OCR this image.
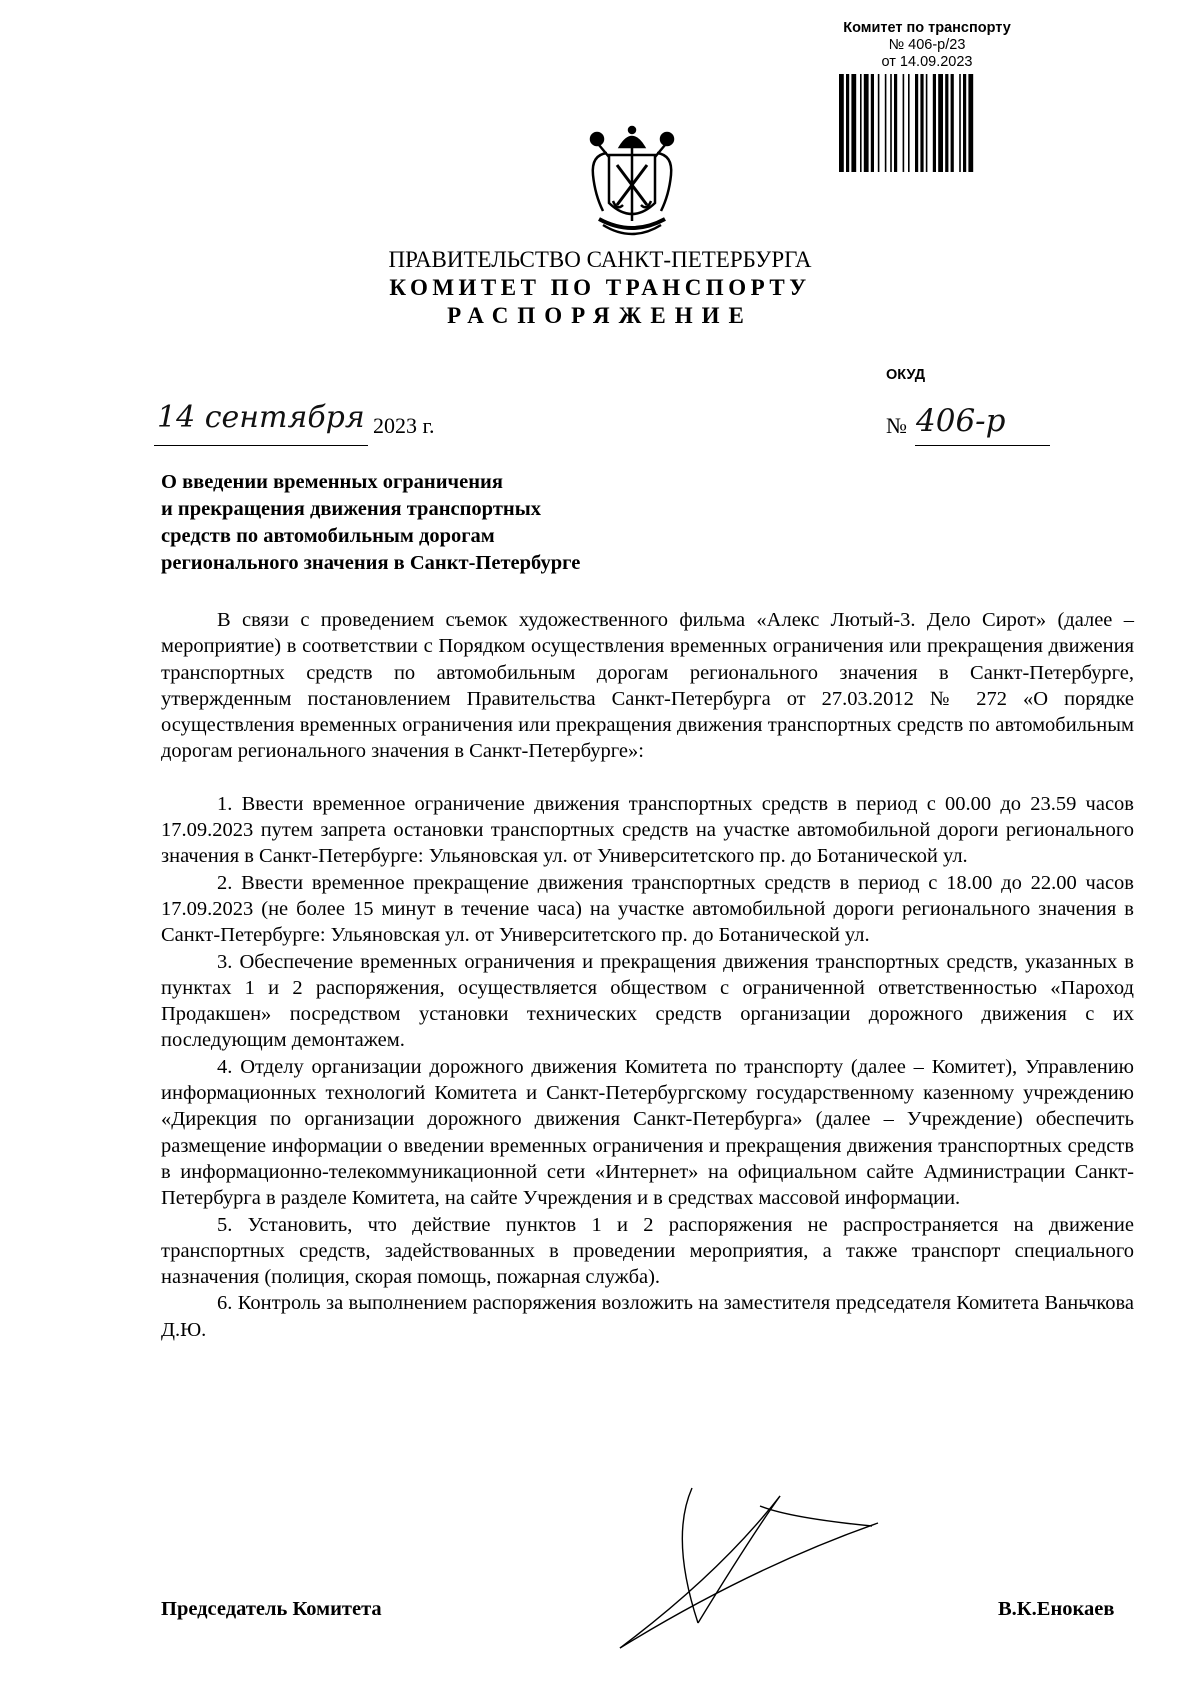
Комитет по транспорту
№ 406-р/23
от 14.09.2023
ПРАВИТЕЛЬСТВО САНКТ-ПЕТЕРБУРГА
КОМИТЕТ ПО ТРАНСПОРТУ
РАСПОРЯЖЕНИЕ
ОКУД
14 сентября 2023 г.	№ 406-р
О введении временных ограничения
и прекращения движения транспортных
средств по автомобильным дорогам
регионального значения в Санкт-Петербурге

В связи с проведением съемок художественного фильма «Алекс Лютый-3. Дело Сирот» (далее – мероприятие) в соответствии с Порядком осуществления временных ограничения или прекращения движения транспортных средств по автомобильным дорогам регионального значения в Санкт-Петербурге, утвержденным постановлением Правительства Санкт-Петербурга от 27.03.2012 № 272 «О порядке осуществления временных ограничения или прекращения движения транспортных средств по автомобильным дорогам регионального значения в Санкт-Петербурге»:

1. Ввести временное ограничение движения транспортных средств в период с 00.00 до 23.59 часов 17.09.2023 путем запрета остановки транспортных средств на участке автомобильной дороги регионального значения в Санкт-Петербурге: Ульяновская ул. от Университетского пр. до Ботанической ул.

2. Ввести временное прекращение движения транспортных средств в период с 18.00 до 22.00 часов 17.09.2023 (не более 15 минут в течение часа) на участке автомобильной дороги регионального значения в Санкт-Петербурге: Ульяновская ул. от Университетского пр. до Ботанической ул.

3. Обеспечение временных ограничения и прекращения движения транспортных средств, указанных в пунктах 1 и 2 распоряжения, осуществляется обществом с ограниченной ответственностью «Пароход Продакшен» посредством установки технических средств организации дорожного движения с их последующим демонтажем.

4. Отделу организации дорожного движения Комитета по транспорту (далее – Комитет), Управлению информационных технологий Комитета и Санкт-Петербургскому государственному казенному учреждению «Дирекция по организации дорожного движения Санкт-Петербурга» (далее – Учреждение) обеспечить размещение информации о введении временных ограничения и прекращения движения транспортных средств в информационно-телекоммуникационной сети «Интернет» на официальном сайте Администрации Санкт-Петербурга в разделе Комитета, на сайте Учреждения и в средствах массовой информации.

5. Установить, что действие пунктов 1 и 2 распоряжения не распространяется на движение транспортных средств, задействованных в проведении мероприятия, а также транспорт специального назначения (полиция, скорая помощь, пожарная служба).

6. Контроль за выполнением распоряжения возложить на заместителя председателя Комитета Ваньчкова Д.Ю.

Председатель Комитета	В.К.Енокаев
